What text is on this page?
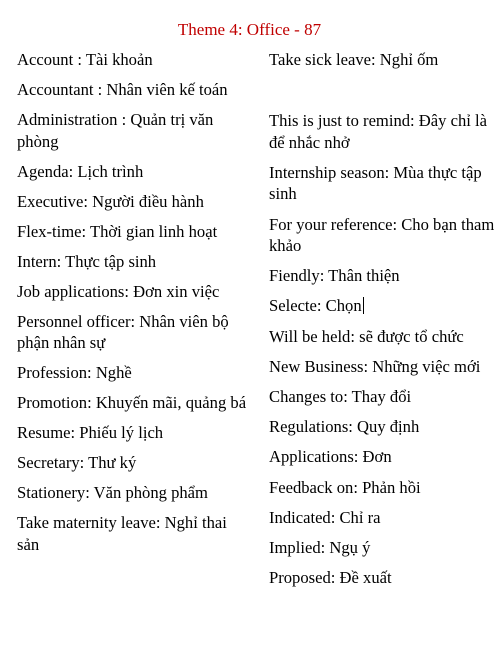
Theme 4: Office - 87
Account : Tài khoản
Accountant : Nhân viên kế toán
Administration : Quản trị văn phòng
Agenda: Lịch trình
Executive: Người điều hành
Flex-time: Thời gian linh hoạt
Intern: Thực tập sinh
Job applications: Đơn xin việc
Personnel officer: Nhân viên bộ phận nhân sự
Profession: Nghề
Promotion: Khuyến mãi, quảng bá
Resume: Phiếu lý lịch
Secretary: Thư ký
Stationery: Văn phòng phẩm
Take maternity leave: Nghỉ thai sản
Take sick leave: Nghỉ ốm
This is just to remind: Đây chỉ là để nhắc nhở
Internship season: Mùa thực tập sinh
For your reference: Cho bạn tham khảo
Fiendly: Thân thiện
Selecte: Chọn
Will be held: sẽ được tổ chức
New Business: Những việc mới
Changes to: Thay đổi
Regulations: Quy định
Applications: Đơn
Feedback on: Phản hồi
Indicated: Chỉ ra
Implied: Ngụ ý
Proposed: Đề xuất
